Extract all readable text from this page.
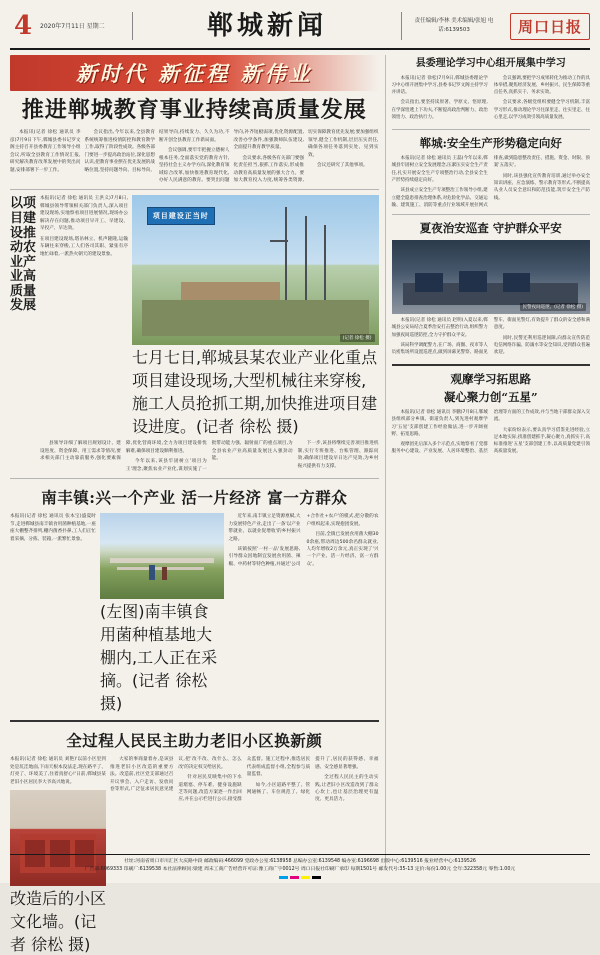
4	2020年7月11日 星期二	郸城新闻	责任编辑/李林 美术编辑/张旭 电话:6139503	周口日报
新时代 新征程 新伟业
推进郸城教育事业持续高质量发展

本报讯(记者 徐松 通讯员 李彦)7月9日下午,郸城县委书记罗文阁主持召开县委教育工作领导小组会议,听取全县教育工作情况汇报,研究解决教育改革发展中的突出问题,安排部署下一步工作。

会议指出,今年以来,全县教育系统统筹推进疫情防控和教育教学工作,取得了阶段性成效。各级各部门要进一步提高政治站位,深化思想认识,把教育事业摆在优先发展的战略位置,坚持问题导向、目标导向、结果导向,持续发力、久久为功,不断开创全县教育工作新局面。

会议强调,要牢牢把握立德树人根本任务,全面落实党的教育方针,坚持社会主义办学方向,深化教育领域综合改革,加快推进教育现代化,办好人民满意的教育。要突出问题导向,补齐短板弱项,优化资源配置,改善办学条件,加强教师队伍建设,全面提升教育教学质量。

会议要求,各级各有关部门要强化责任担当,狠抓工作落实,形成推动教育高质量发展的强大合力。要加大教育投入力度,统筹各类资源,切实保障教育优先发展;要加强组织领导,健全工作机制,层层压实责任,确保各项任务落到实处、见到实效。

会议还研究了其他事项。

以项目建设推动农业产业高质量发展
本报讯(记者 徐松 通讯员 王洪义)7月8日,郸城县领导带领相关部门负责人,深入项目建设现场,实地察看项目进展情况,现场办公解决存在问题,推动项目早开工、早建设、早投产、早达效。
在项目建设现场,塔吊林立、机声隆隆,运输车辆往来穿梭,工人们各司其职、紧张有序地忙碌着,一派热火朝天的建设景象。
项目建设正当时
(记者 徐松 摄)
七月七日,郸城县某农业产业化重点项目建设现场,大型机械往来穿梭,施工人员抢抓工期,加快推进项目建设进度。(记者 徐松 摄)

县领导详细了解项目规划设计、建设进度、资金保障、用工需求等情况,要求相关部门主动靠前服务,强化要素保障,优化营商环境,全力为项目建设排忧解难,确保项目建设顺利推进。

今年以来,该县牢固树立'项目为王'理念,聚焦农业产业化,谋划实施了一批带动能力强、辐射面广的重点项目,为全县农业产业高质量发展注入强劲动能。

下一步,该县将继续完善项目推进机制,实行专班推进、台账管理、跟踪问效,确保项目建设早日达产见效,为乡村振兴提供有力支撑。

南丰镇:兴一个产业 活一片经济 富一方群众
本报讯(记者 徐松 通讯员 张本宝)盛夏时节,走进郸城县南丰镇食用菌种植基地,一座座大棚整齐排列,棚内菌香扑鼻,工人们正忙着采摘、分拣、装箱,一派繁忙景象。
(左图)南丰镇食用菌种植基地大棚内,工人正在采摘。(记者 徐松 摄)

近年来,南丰镇立足资源禀赋,大力发展特色产业,走出了一条'以产业带就业、以就业促增收'的乡村振兴之路。

该镇按照'一村一品'发展思路,引导群众因地制宜发展食用菌、辣椒、中药材等特色种植,并通过'公司+合作社+农户'的模式,把分散的农户组织起来,实现抱团发展。

目前,全镇已发展食用菌大棚300余座,带动周边500余名群众就业,人均年增收2万余元,真正实现了'兴一个产业、活一片经济、富一方群众'。

全过程人民民主助力老旧小区换新颜
本报讯(记者 徐松 通讯员 刘艳)'以前小区里到处是坑洼地面,下雨天根本没法走,现在路平了、灯亮了、环境美了,住着真舒心!'日前,郸城县某老旧小区居民李大爷高兴地说。
改造后的小区文化墙。(记者 徐松 摄)

大家的事商量着办,是该县推进老旧小区改造的重要方法。改造前,社区党支部通过召开议事会、入户走访、发放问卷等形式,广泛征求居民意见建议,把'改不改、改什么、怎么改'的决定权交给居民。

针对居民反映集中的下水道堵塞、停车难、健身设施缺乏等问题,改造方案逐一作出回应,并在公示栏进行公示,接受群众监督。施工过程中,推选居民代表组成监督小组,全程参与质量监督。

如今,小区道路平整了、管网通畅了、车位规范了、绿化提升了,居民的获得感、幸福感、安全感显著增强。

全过程人民民主的生动实践,让老旧小区改造改到了群众心坎上,也让基层治理更有温度、更具活力。

县委理论学习中心组开展集中学习

本报讯(记者 徐松)7月9日,郸城县委理论学习中心组开展集中学习,县委书记罗文阁主持学习并讲话。

会议指出,要坚持读原著、学原文、悟原理,在学深悟透上下功夫,不断提高政治判断力、政治领悟力、政治执行力。

会议强调,要把学习成果转化为推动工作的具体举措,聚焦经济发展、乡村振兴、民生保障等重点任务,真抓实干、务求实效。

会议要求,各级党组织要健全学习机制,丰富学习形式,推动理论学习往深里走、往实里走、往心里走,以学习成效引领高质量发展。

郸城:安全生产形势稳定向好

本报讯(记者 徐松 通讯员 王磊)今年以来,郸城县牢固树立安全发展理念,压紧压实安全生产责任,扎实开展安全生产专项整治行动,全县安全生产形势持续稳定向好。

该县成立安全生产专项整治工作领导小组,建立健全隐患排查治理体系,对危险化学品、交通运输、建筑施工、消防等重点行业领域开展拉网式排查,做到隐患整改责任、措施、资金、时限、预案'五落实'。

同时,该县强化宣传教育培训,通过举办安全知识讲座、应急演练、警示教育等形式,不断提高从业人员安全意识和防范技能,筑牢安全生产防线。

夏夜治安巡查 守护群众平安
民警夜间巡逻。(记者 徐松 摄)

本报讯(记者 徐松 通讯员 赵明)入夏以来,郸城县公安局结合夏季治安打击整治行动,组织警力加强夜间巡逻防控,全力守护群众平安。

该局科学调配警力,在广场、商圈、夜市等人员密集场所设置巡逻点,做到屏幕见警察、路面见警车、街面见警灯,有效提升了群众的安全感和满意度。

同时,民警还利用巡逻间隙,向群众宣传防范电信网络诈骗、防溺水等安全知识,受到群众普遍欢迎。

观摩学习拓思路
凝心聚力创“五星”

本报讯(记者 徐松 通讯员 李鹏)7月8日,郸城县组织部分乡镇、街道负责人,到先进村观摩学习'五星'支部创建工作经验做法,进一步开阔视野、拓宽思路。

观摩团先后深入多个示范点,实地察看了党群服务中心建设、产业发展、人居环境整治、基层治理等方面的工作成效,并与当地干部群众深入交流。

大家纷纷表示,要认真学习借鉴先进经验,立足本地实际,找准创建抓手,凝心聚力,真抓实干,高标准推进'五星'支部创建工作,以高质量党建引领高质量发展。

社址:河南省周口市川汇区大庆路中段 邮政编码:466099 党政办公室:6138958 总编办公室:6139548 编办室:6196698 出版中心:6139516 报业经营中心:6139526
广告部:6069333 印刷厂:6139538 本社法律顾问:梁建 周末工商广告经营许可证:豫工商广字0012号 周口日报社印刷厂承印 每期1501号 邮发代号:35-13 定价:每份1.00元 全年:322358元 零售:1.00元
